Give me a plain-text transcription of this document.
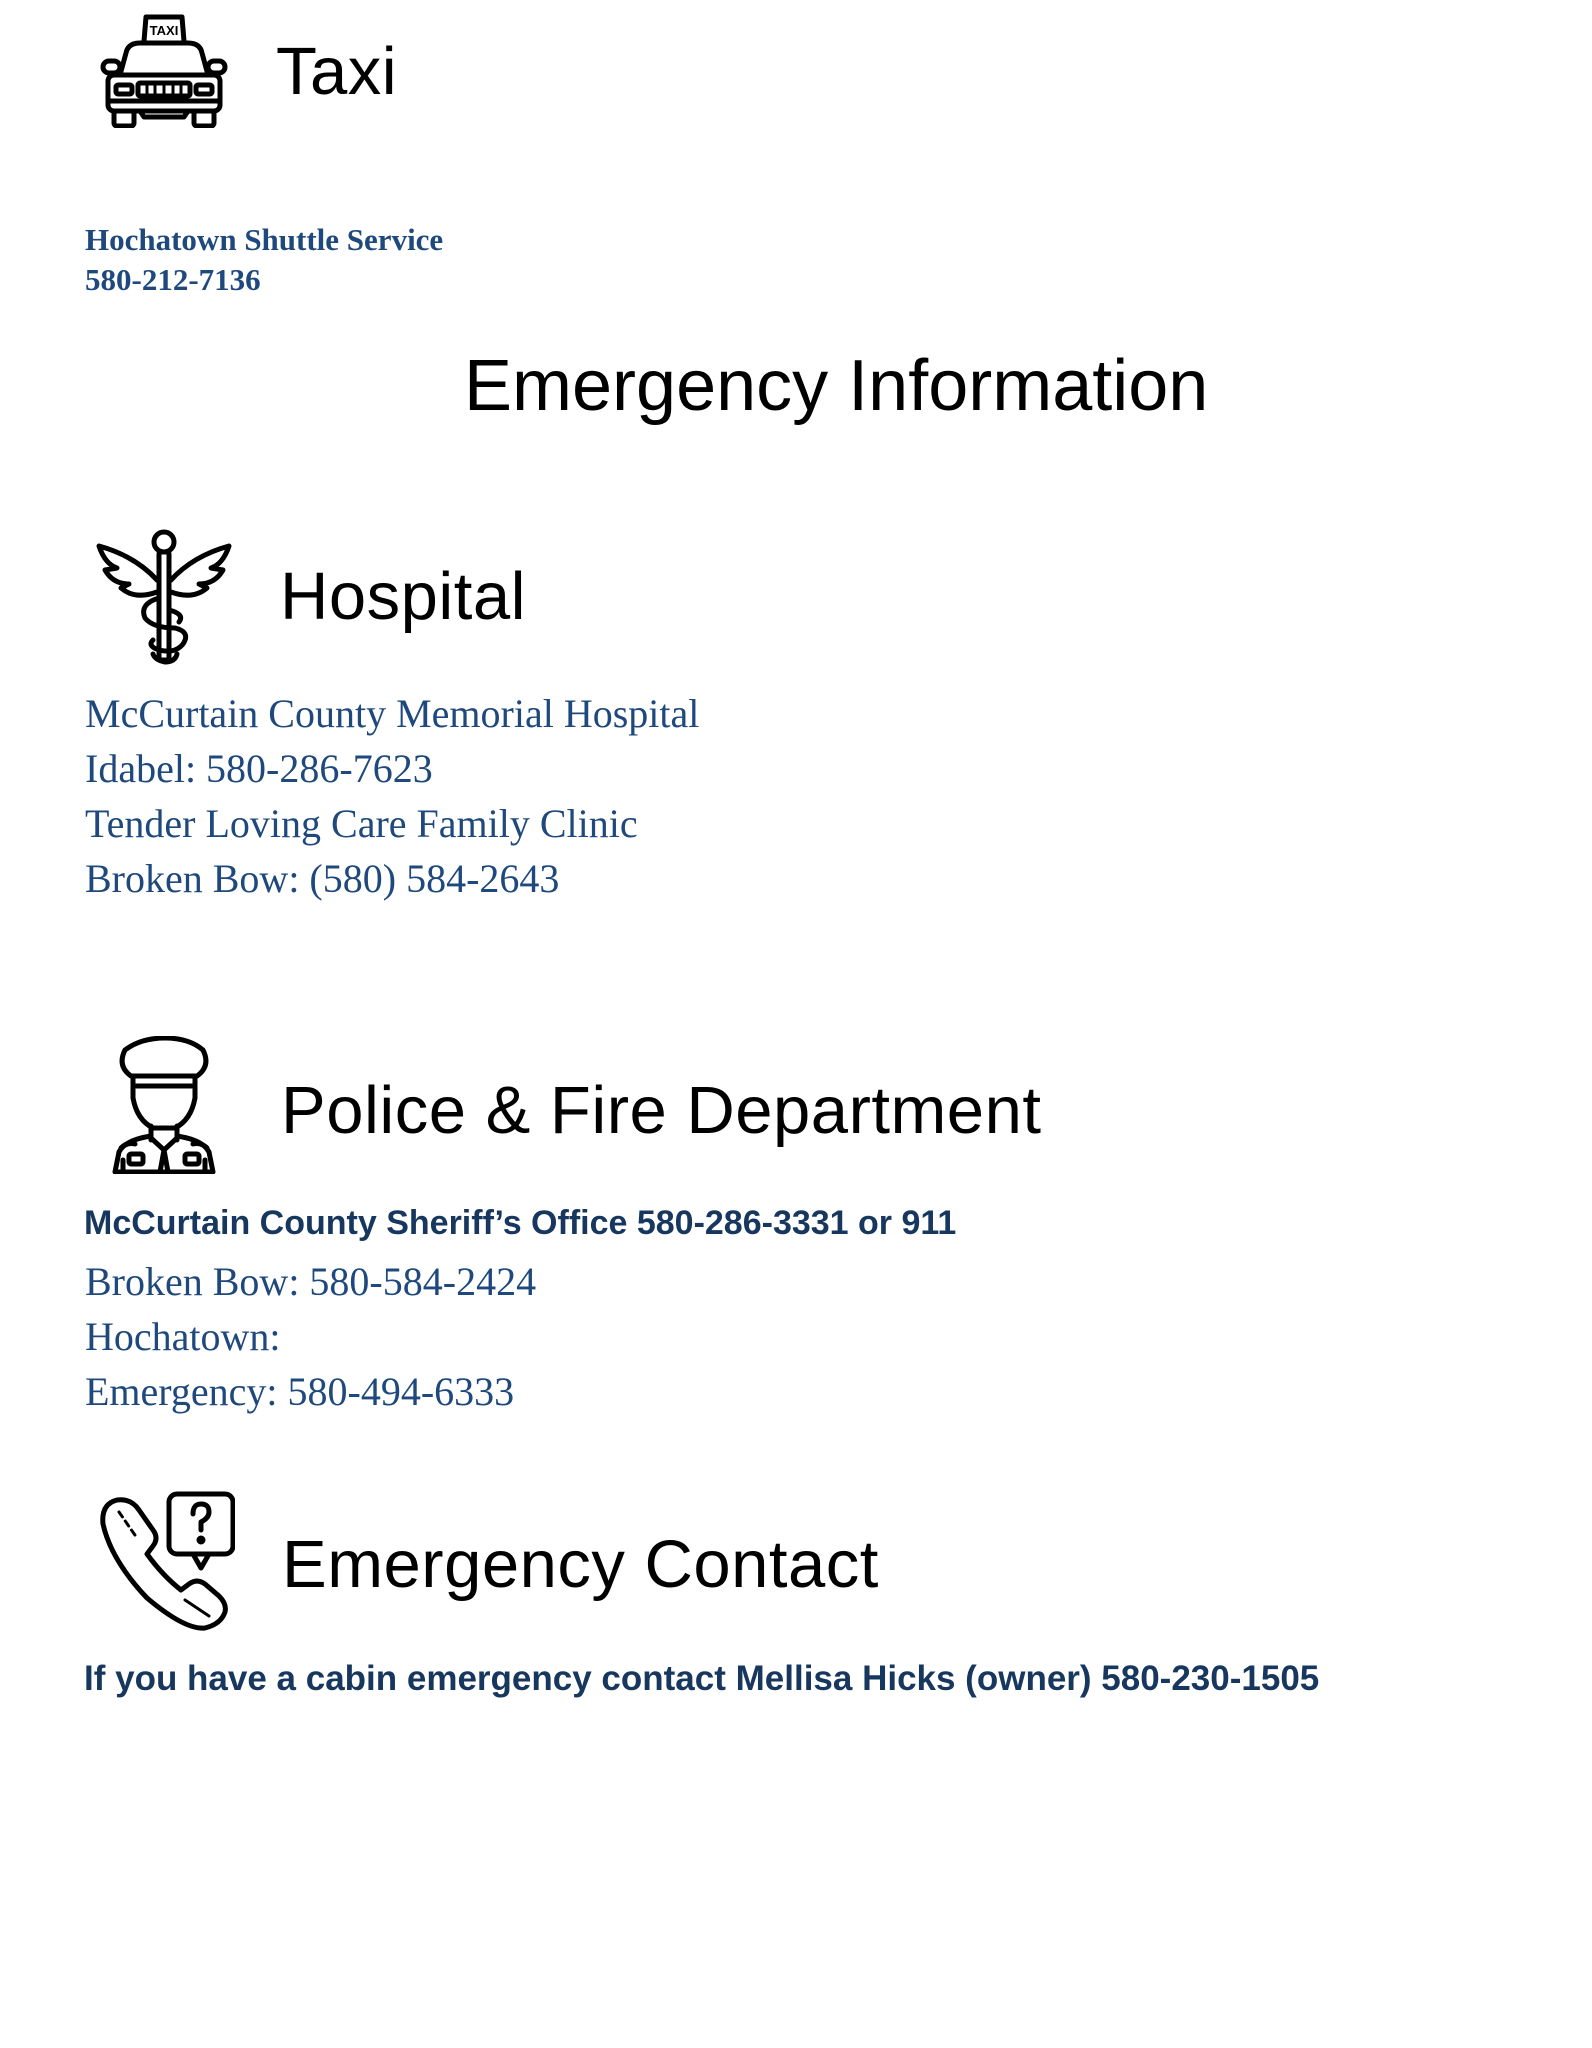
TAXI
Taxi
Hochatown Shuttle Service
580-212-7136
Emergency Information
Hospital
McCurtain County Memorial Hospital
Idabel: 580-286-7623
Tender Loving Care Family Clinic
Broken Bow: (580) 584-2643
Police & Fire Department
McCurtain County Sheriff’s Office 580-286-3331 or 911
Broken Bow: 580-584-2424
Hochatown:
Emergency: 580-494-6333
Emergency Contact
If you have a cabin emergency contact Mellisa Hicks (owner) 580-230-1505
